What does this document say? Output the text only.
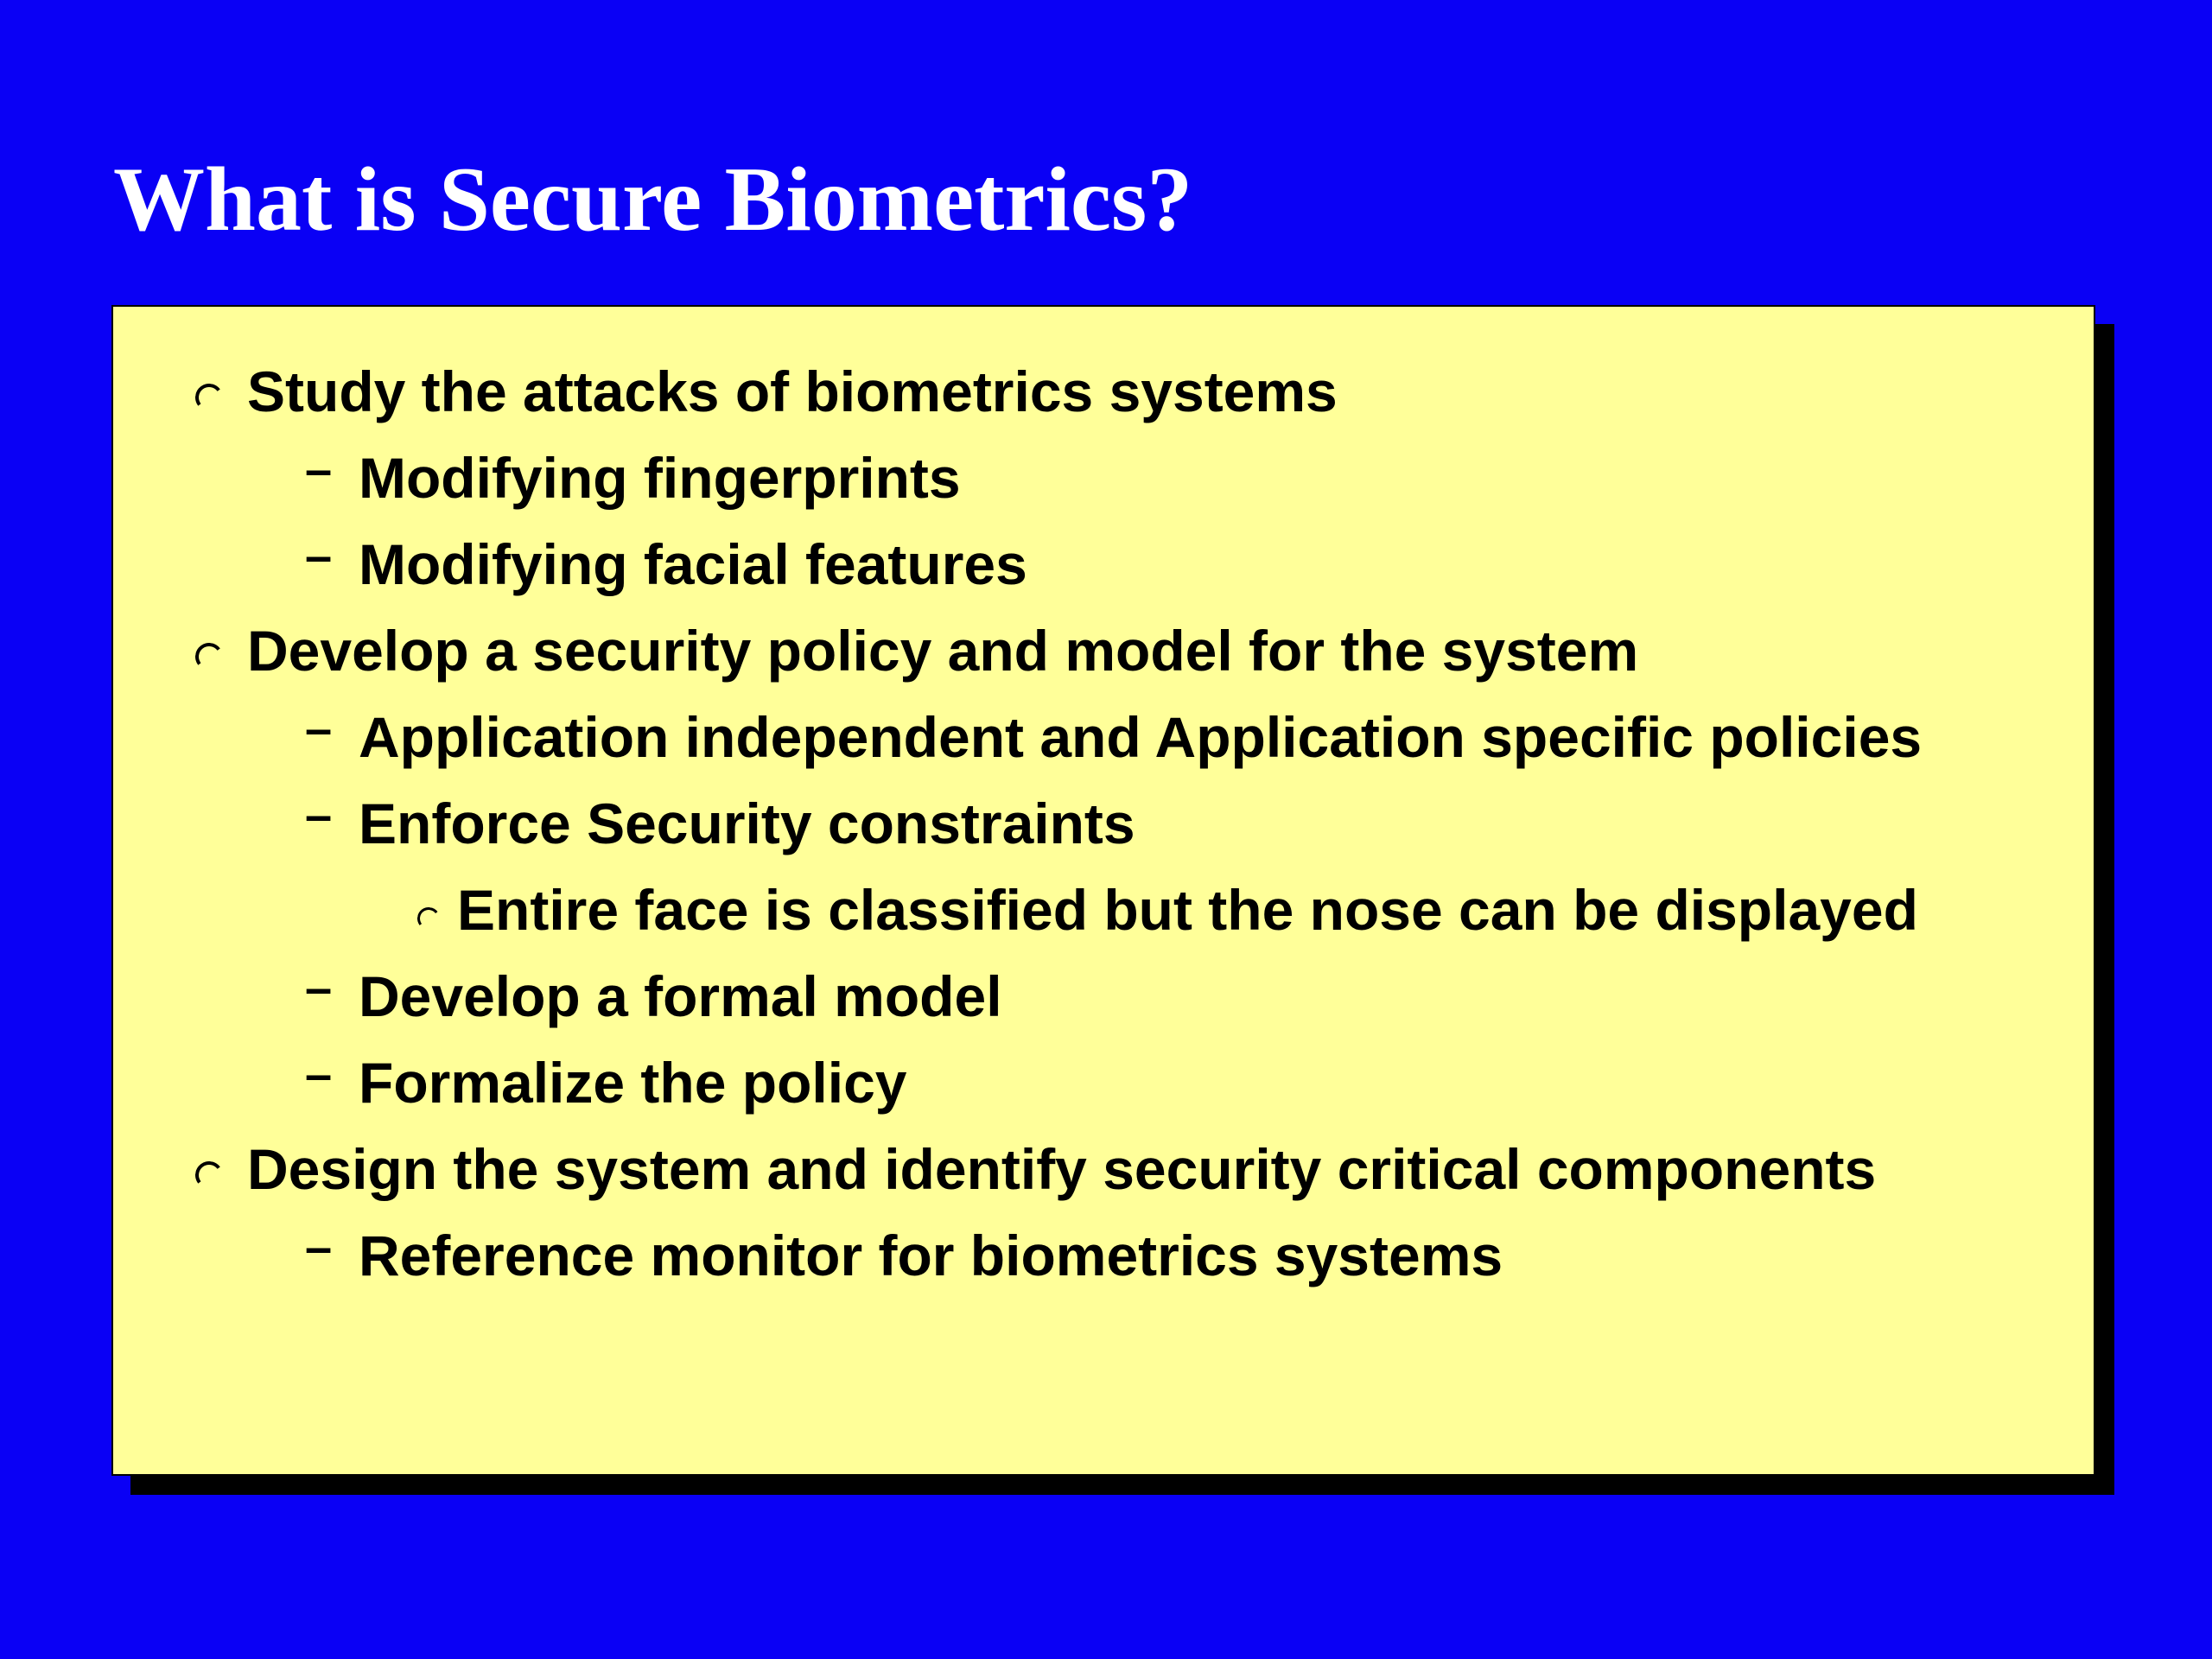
What is Secure Biometrics?
Study the attacks of biometrics systems
– Modifying fingerprints
– Modifying facial features
Develop a security policy and model for the system
– Application independent and Application specific policies
– Enforce Security constraints
Entire face is classified but the nose can be displayed
– Develop a formal model
– Formalize the policy
Design the system and identify security critical components
– Reference monitor for biometrics systems
